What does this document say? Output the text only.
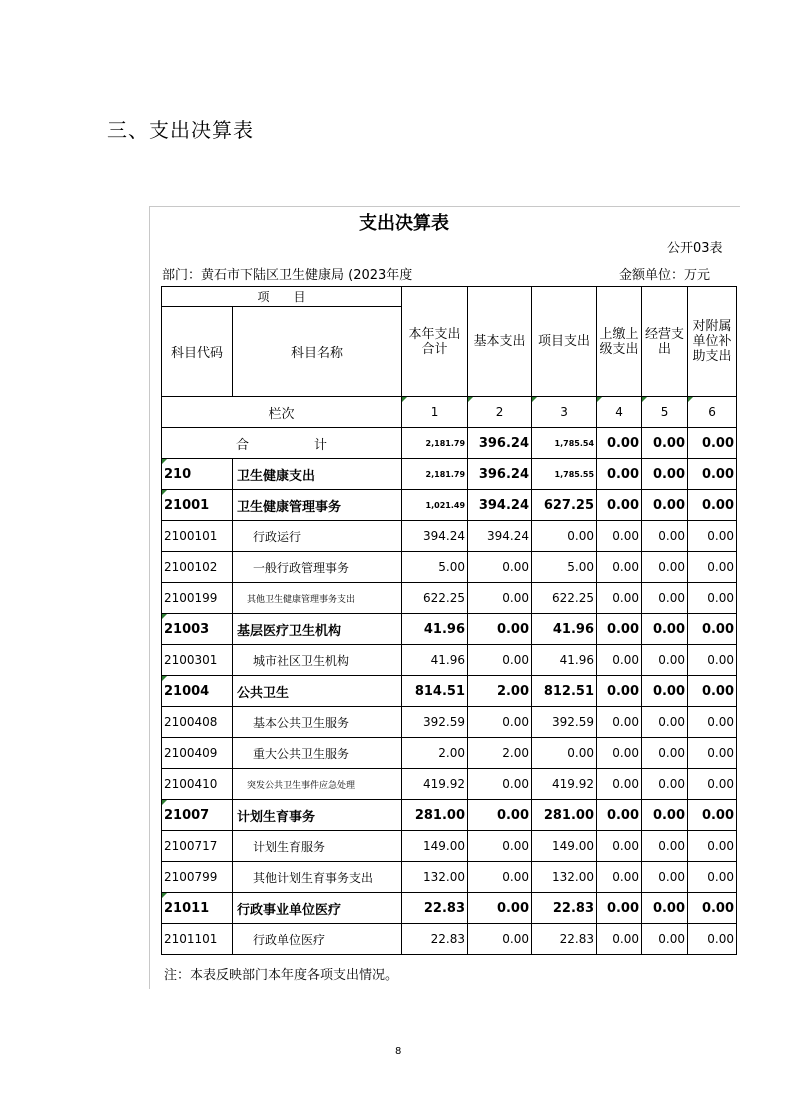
三、支出决算表
支出决算表
公开03表
部门：黄石市下陆区卫生健康局 (2023年度	金额单位：万元
项　　目		本年支出合计	基本支出	项目支出	上缴上级支出	经营支出	对附属单位补助支出
科目代码	科目名称						
栏次		1	2	3	4	5	6
合　　　　　计		2,181.79	396.24	1,785.54	0.00	0.00	0.00
210	卫生健康支出	2,181.79	396.24	1,785.55	0.00	0.00	0.00
21001	卫生健康管理事务	1,021.49	394.24	627.25	0.00	0.00	0.00
2100101	行政运行	394.24	394.24	0.00	0.00	0.00	0.00
2100102	一般行政管理事务	5.00	0.00	5.00	0.00	0.00	0.00
2100199	其他卫生健康管理事务支出	622.25	0.00	622.25	0.00	0.00	0.00
21003	基层医疗卫生机构	41.96	0.00	41.96	0.00	0.00	0.00
2100301	城市社区卫生机构	41.96	0.00	41.96	0.00	0.00	0.00
21004	公共卫生	814.51	2.00	812.51	0.00	0.00	0.00
2100408	基本公共卫生服务	392.59	0.00	392.59	0.00	0.00	0.00
2100409	重大公共卫生服务	2.00	2.00	0.00	0.00	0.00	0.00
2100410	突发公共卫生事件应急处理	419.92	0.00	419.92	0.00	0.00	0.00
21007	计划生育事务	281.00	0.00	281.00	0.00	0.00	0.00
2100717	计划生育服务	149.00	0.00	149.00	0.00	0.00	0.00
2100799	其他计划生育事务支出	132.00	0.00	132.00	0.00	0.00	0.00
21011	行政事业单位医疗	22.83	0.00	22.83	0.00	0.00	0.00
2101101	行政单位医疗	22.83	0.00	22.83	0.00	0.00	0.00
注：本表反映部门本年度各项支出情况。
8
